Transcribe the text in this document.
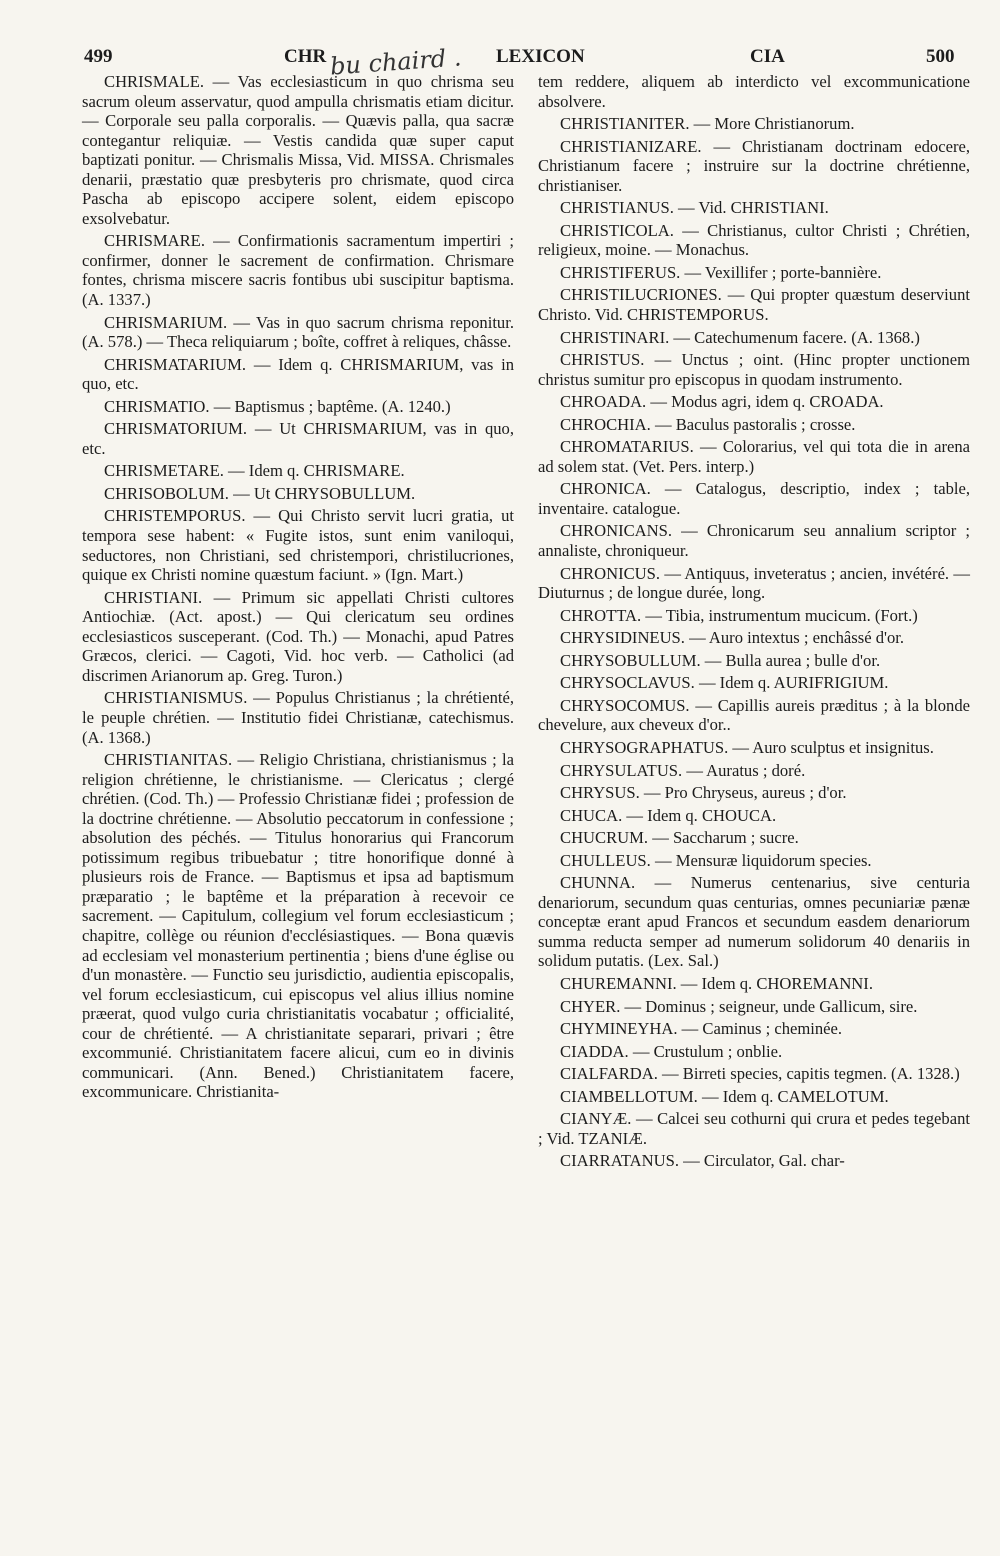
499	CHR	LEXICON	CIA	500
bu chaird .

CHRISMALE. — Vas ecclesiasticum in quo chrisma seu sacrum oleum asservatur, quod ampulla chrismatis etiam dicitur. — Corporale seu palla corporalis. — Quævis palla, qua sacræ contegantur reliquiæ. — Vestis candida quæ super caput baptizati ponitur. — Chrismalis Missa, Vid. MISSA. Chrismales denarii, præstatio quæ presbyteris pro chrismate, quod circa Pascha ab episcopo accipere solent, eidem episcopo exsolvebatur.

CHRISMARE. — Confirmationis sacramentum impertiri ; confirmer, donner le sacrement de confirmation. Chrismare fontes, chrisma miscere sacris fontibus ubi suscipitur baptisma. (A. 1337.)

CHRISMARIUM. — Vas in quo sacrum chrisma reponitur. (A. 578.) — Theca reliquiarum ; boîte, coffret à reliques, châsse.

CHRISMATARIUM. — Idem q. CHRISMARIUM, vas in quo, etc.

CHRISMATIO. — Baptismus ; baptême. (A. 1240.)

CHRISMATORIUM. — Ut CHRISMARIUM, vas in quo, etc.

CHRISMETARE. — Idem q. CHRISMARE.

CHRISOBOLUM. — Ut CHRYSOBULLUM.

CHRISTEMPORUS. — Qui Christo servit lucri gratia, ut tempora sese habent: « Fugite istos, sunt enim vaniloqui, seductores, non Christiani, sed christempori, christilucriones, quique ex Christi nomine quæstum faciunt. » (Ign. Mart.)

CHRISTIANI. — Primum sic appellati Christi cultores Antiochiæ. (Act. apost.) — Qui clericatum seu ordines ecclesiasticos susceperant. (Cod. Th.) — Monachi, apud Patres Græcos, clerici. — Cagoti, Vid. hoc verb. — Catholici (ad discrimen Arianorum ap. Greg. Turon.)

CHRISTIANISMUS. — Populus Christianus ; la chrétienté, le peuple chrétien. — Institutio fidei Christianæ, catechismus. (A. 1368.)

CHRISTIANITAS. — Religio Christiana, christianismus ; la religion chrétienne, le christianisme. — Clericatus ; clergé chrétien. (Cod. Th.) — Professio Christianæ fidei ; profession de la doctrine chrétienne. — Absolutio peccatorum in confessione ; absolution des péchés. — Titulus honorarius qui Francorum potissimum regibus tribuebatur ; titre honorifique donné à plusieurs rois de France. — Baptismus et ipsa ad baptismum præparatio ; le baptême et la préparation à recevoir ce sacrement. — Capitulum, collegium vel forum ecclesiasticum ; chapitre, collège ou réunion d'ecclésiastiques. — Bona quævis ad ecclesiam vel monasterium pertinentia ; biens d'une église ou d'un monastère. — Functio seu jurisdictio, audientia episcopalis, vel forum ecclesiasticum, cui episcopus vel alius illius nomine præerat, quod vulgo curia christianitatis vocabatur ; officialité, cour de chrétienté. — A christianitate separari, privari ; être excommunié. Christianitatem facere alicui, cum eo in divinis communicari. (Ann. Bened.) Christianitatem facere, excommunicare. Christianita-

tem reddere, aliquem ab interdicto vel excommunicatione absolvere.

CHRISTIANITER. — More Christianorum.

CHRISTIANIZARE. — Christianam doctrinam edocere, Christianum facere ; instruire sur la doctrine chrétienne, christianiser.

CHRISTIANUS. — Vid. CHRISTIANI.

CHRISTICOLA. — Christianus, cultor Christi ; Chrétien, religieux, moine. — Monachus.

CHRISTIFERUS. — Vexillifer ; porte-bannière.

CHRISTILUCRIONES. — Qui propter quæstum deserviunt Christo. Vid. CHRISTEMPORUS.

CHRISTINARI. — Catechumenum facere. (A. 1368.)

CHRISTUS. — Unctus ; oint. (Hinc propter unctionem christus sumitur pro episcopus in quodam instrumento.

CHROADA. — Modus agri, idem q. CROADA.

CHROCHIA. — Baculus pastoralis ; crosse.

CHROMATARIUS. — Colorarius, vel qui tota die in arena ad solem stat. (Vet. Pers. interp.)

CHRONICA. — Catalogus, descriptio, index ; table, inventaire. catalogue.

CHRONICANS. — Chronicarum seu annalium scriptor ; annaliste, chroniqueur.

CHRONICUS. — Antiquus, inveteratus ; ancien, invétéré. — Diuturnus ; de longue durée, long.

CHROTTA. — Tibia, instrumentum mucicum. (Fort.)

CHRYSIDINEUS. — Auro intextus ; enchâssé d'or.

CHRYSOBULLUM. — Bulla aurea ; bulle d'or.

CHRYSOCLAVUS. — Idem q. AURIFRIGIUM.

CHRYSOCOMUS. — Capillis aureis præditus ; à la blonde chevelure, aux cheveux d'or..

CHRYSOGRAPHATUS. — Auro sculptus et insignitus.

CHRYSULATUS. — Auratus ; doré.

CHRYSUS. — Pro Chryseus, aureus ; d'or.

CHUCA. — Idem q. CHOUCA.

CHUCRUM. — Saccharum ; sucre.

CHULLEUS. — Mensuræ liquidorum species.

CHUNNA. — Numerus centenarius, sive centuria denariorum, secundum quas centurias, omnes pecuniariæ pænæ conceptæ erant apud Francos et secundum easdem denariorum summa reducta semper ad numerum solidorum 40 denariis in solidum putatis. (Lex. Sal.)

CHUREMANNI. — Idem q. CHOREMANNI.

CHYER. — Dominus ; seigneur, unde Gallicum, sire.

CHYMINEYHA. — Caminus ; cheminée.

CIADDA. — Crustulum ; onblie.

CIALFARDA. — Birreti species, capitis tegmen. (A. 1328.)

CIAMBELLOTUM. — Idem q. CAMELOTUM.

CIANYÆ. — Calcei seu cothurni qui crura et pedes tegebant ; Vid. TZANIÆ.

CIARRATANUS. — Circulator, Gal. char-
